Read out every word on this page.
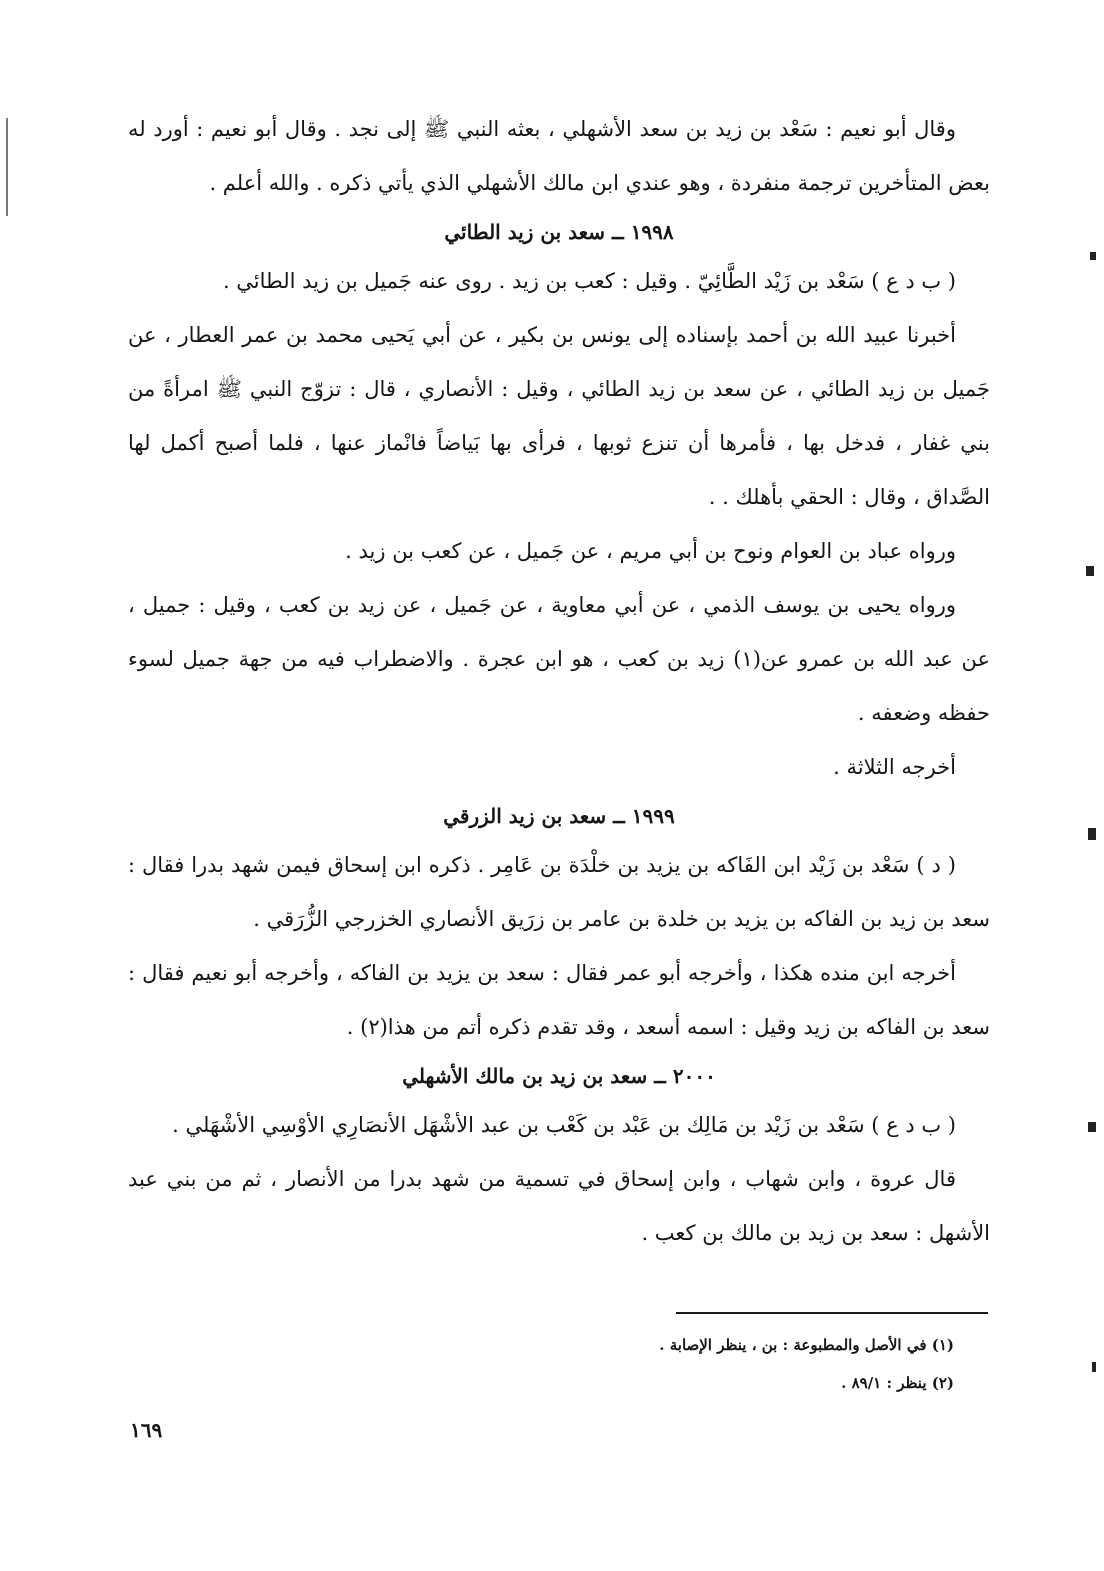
وقال أبو نعيم : سَعْد بن زيد بن سعد الأشهلي ، بعثه النبي ﷺ إلى نجد . وقال أبو نعيم : أورد له بعض المتأخرين ترجمة منفردة ، وهو عندي ابن مالك الأشهلي الذي يأتي ذكره . والله أعلم .

١٩٩٨ ــ سعد بن زيد الطائي

( ب د ع ) سَعْد بن زَيْد الطَّائِيّ . وقيل : كعب بن زيد . روى عنه جَميل بن زيد الطائي .

أخبرنا عبيد الله بن أحمد بإسناده إلى يونس بن بكير ، عن أبي يَحيى محمد بن عمر العطار ، عن جَميل بن زيد الطائي ، عن سعد بن زيد الطائي ، وقيل : الأنصاري ، قال : تزوّج النبي ﷺ امرأةً من بني غفار ، فدخل بها ، فأمرها أن تنزع ثوبها ، فرأى بها بَياضاً فانْماز عنها ، فلما أصبح أكمل لها الصَّداق ، وقال : الحقي بأهلك . .

ورواه عباد بن العوام ونوح بن أبي مريم ، عن جَميل ، عن كعب بن زيد .

ورواه يحيى بن يوسف الذمي ، عن أبي معاوية ، عن جَميل ، عن زيد بن كعب ، وقيل : جميل ، عن عبد الله بن عمرو عن(١) زيد بن كعب ، هو ابن عجرة . والاضطراب فيه من جهة جميل لسوء حفظه وضعفه .

أخرجه الثلاثة .

١٩٩٩ ــ سعد بن زيد الزرقي

( د ) سَعْد بن زَيْد ابن الفَاكه بن يزيد بن خلْدَة بن عَامِر . ذكره ابن إسحاق فيمن شهد بدرا فقال : سعد بن زيد بن الفاكه بن يزيد بن خلدة بن عامر بن زرَيق الأنصاري الخزرجي الزُّرَقي .

أخرجه ابن منده هكذا ، وأخرجه أبو عمر فقال : سعد بن يزيد بن الفاكه ، وأخرجه أبو نعيم فقال : سعد بن الفاكه بن زيد وقيل : اسمه أسعد ، وقد تقدم ذكره أتم من هذا(٢) .

٢٠٠٠ ــ سعد بن زيد بن مالك الأشهلي

( ب د ع ) سَعْد بن زَيْد بن مَالِك بن عَبْد بن كَعْب بن عبد الأشْهَل الأنصَارِي الأوْسِي الأشْهَلي .

قال عروة ، وابن شهاب ، وابن إسحاق في تسمية من شهد بدرا من الأنصار ، ثم من بني عبد الأشهل : سعد بن زيد بن مالك بن كعب .

(١) في الأصل والمطبوعة : بن ، ينظر الإصابة .

(٢) ينظر : ٨٩/١ .

١٦٩
